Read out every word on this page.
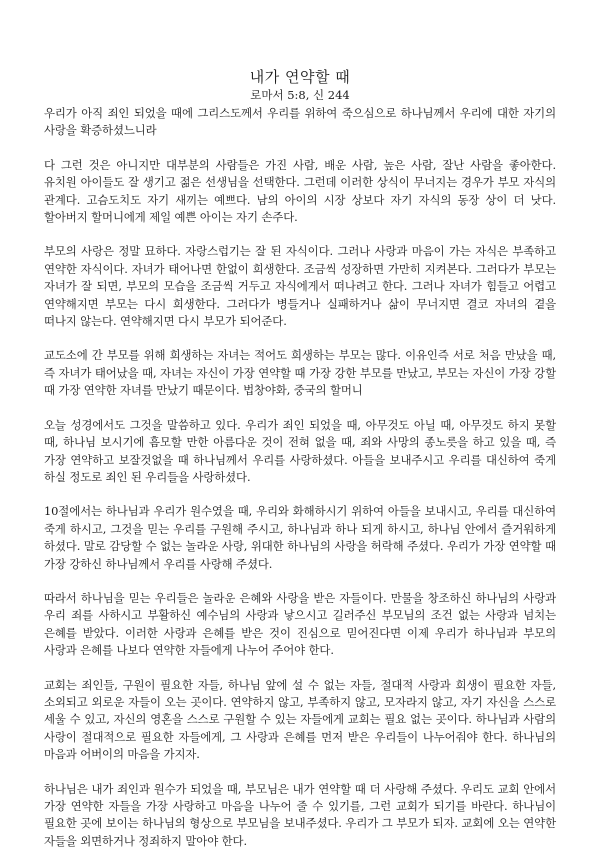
내가 연약할 때
로마서 5:8, 신 244

우리가 아직 죄인 되었을 때에 그리스도께서 우리를 위하여 죽으심으로 하나님께서 우리에 대한 자기의 사랑을 확증하셨느니라

다 그런 것은 아니지만 대부분의 사람들은 가진 사람, 배운 사람, 높은 사람, 잘난 사람을 좋아한다. 유치원 아이들도 잘 생기고 젊은 선생님을 선택한다. 그런데 이러한 상식이 무너지는 경우가 부모 자식의 관계다. 고슴도치도 자기 새끼는 예쁘다. 남의 아이의 시장 상보다 자기 자식의 동장 상이 더 낫다. 할아버지 할머니에게 제일 예쁜 아이는 자기 손주다.

부모의 사랑은 정말 묘하다. 자랑스럽기는 잘 된 자식이다. 그러나 사랑과 마음이 가는 자식은 부족하고 연약한 자식이다. 자녀가 태어나면 한없이 희생한다. 조금씩 성장하면 가만히 지켜본다. 그러다가 부모는 자녀가 잘 되면, 부모의 모습을 조금씩 거두고 자식에게서 떠나려고 한다. 그러나 자녀가 힘들고 어렵고 연약해지면 부모는 다시 희생한다. 그러다가 병들거나 실패하거나 삶이 무너지면 결코 자녀의 곁을 떠나지 않는다. 연약해지면 다시 부모가 되어준다.

교도소에 간 부모를 위해 희생하는 자녀는 적어도 희생하는 부모는 많다. 이유인즉 서로 처음 만났을 때, 즉 자녀가 태어났을 때, 자녀는 자신이 가장 연약할 때 가장 강한 부모를 만났고, 부모는 자신이 가장 강할 때 가장 연약한 자녀를 만났기 때문이다. 법창야화, 중국의 할머니

오늘 성경에서도 그것을 말씀하고 있다. 우리가 죄인 되었을 때, 아무것도 아닐 때, 아무것도 하지 못할 때, 하나님 보시기에 흠모할 만한 아름다운 것이 전혀 없을 때, 죄와 사망의 종노릇을 하고 있을 때, 즉 가장 연약하고 보잘것없을 때 하나님께서 우리를 사랑하셨다. 아들을 보내주시고 우리를 대신하여 죽게 하실 정도로 죄인 된 우리들을 사랑하셨다.

10절에서는 하나님과 우리가 원수였을 때, 우리와 화해하시기 위하여 아들을 보내시고, 우리를 대신하여 죽게 하시고, 그것을 믿는 우리를 구원해 주시고, 하나님과 하나 되게 하시고, 하나님 안에서 즐거워하게 하셨다. 말로 감당할 수 없는 놀라운 사랑, 위대한 하나님의 사랑을 허락해 주셨다. 우리가 가장 연약할 때 가장 강하신 하나님께서 우리를 사랑해 주셨다.

따라서 하나님을 믿는 우리들은 놀라운 은혜와 사랑을 받은 자들이다. 만물을 창조하신 하나님의 사랑과 우리 죄를 사하시고 부활하신 예수님의 사랑과 낳으시고 길러주신 부모님의 조건 없는 사랑과 넘치는 은혜를 받았다. 이러한 사랑과 은혜를 받은 것이 진심으로 믿어진다면 이제 우리가 하나님과 부모의 사랑과 은혜를 나보다 연약한 자들에게 나누어 주어야 한다.

교회는 죄인들, 구원이 필요한 자들, 하나님 앞에 설 수 없는 자들, 절대적 사랑과 희생이 필요한 자들, 소외되고 외로운 자들이 오는 곳이다. 연약하지 않고, 부족하지 않고, 모자라지 않고, 자기 자신을 스스로 세울 수 있고, 자신의 영혼을 스스로 구원할 수 있는 자들에게 교회는 필요 없는 곳이다. 하나님과 사람의 사랑이 절대적으로 필요한 자들에게, 그 사랑과 은혜를 먼저 받은 우리들이 나누어줘야 한다. 하나님의 마음과 어버이의 마음을 가지자.

하나님은 내가 죄인과 원수가 되었을 때, 부모님은 내가 연약할 때 더 사랑해 주셨다. 우리도 교회 안에서 가장 연약한 자들을 가장 사랑하고 마음을 나누어 줄 수 있기를, 그런 교회가 되기를 바란다. 하나님이 필요한 곳에 보이는 하나님의 형상으로 부모님을 보내주셨다. 우리가 그 부모가 되자. 교회에 오는 연약한 자들을 외면하거나 정죄하지 말아야 한다.
